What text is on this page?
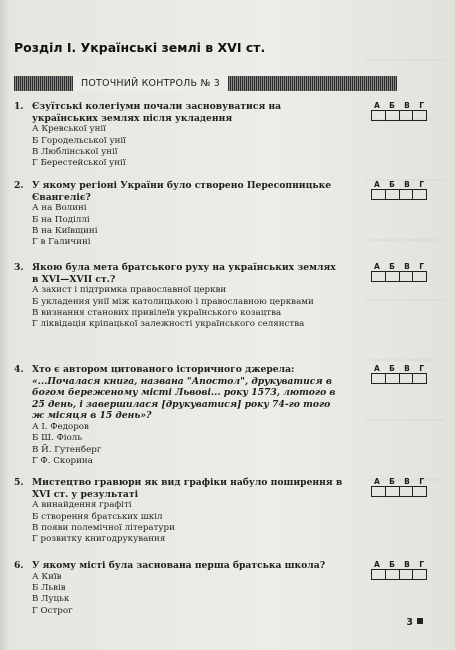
Розділ I. Українські землі в XVI ст.
ПОТОЧНИЙ КОНТРОЛЬ № 3
1. Єзуїтські колегіуми почали засновуватися на українських землях після укладення
А Кревської унії
Б Городельської унії
В Люблінської унії
Г Берестейської унії
А Б В Г
2. У якому регіоні України було створено Пересопницьке Євангеліє?
А на Волині
Б на Поділлі
В на Київщині
Г в Галичині
А Б В Г
3. Якою була мета братського руху на українських землях в XVI—XVII ст.?
А захист і підтримка православної церкви
Б укладення унії між католицькою і православною церквами
В визнання станових привілеїв українського козацтва
Г ліквідація кріпацької залежності українського селянства
А Б В Г
4. Хто є автором цитованого історичного джерела: «...Почалася книга, названа "Апостол", друкуватися в богом береженому місті Львові... року 1573, лютого в 25 день, і завершилася [друкуватися] року 74-го того ж місяця в 15 день»?
А І. Федоров
Б Ш. Фіоль
В Й. Гутенберг
Г Ф. Скорина
А Б В Г
5. Мистецтво гравюри як вид графіки набуло поширення в XVI ст. у результаті
А винайдення графіті
Б створення братських шкіл
В появи полемічної літератури
Г розвитку книгодрукування
А Б В Г
6. У якому місті була заснована перша братська школа?
А Київ
Б Львів
В Луцьк
Г Острог
А Б В Г
3
